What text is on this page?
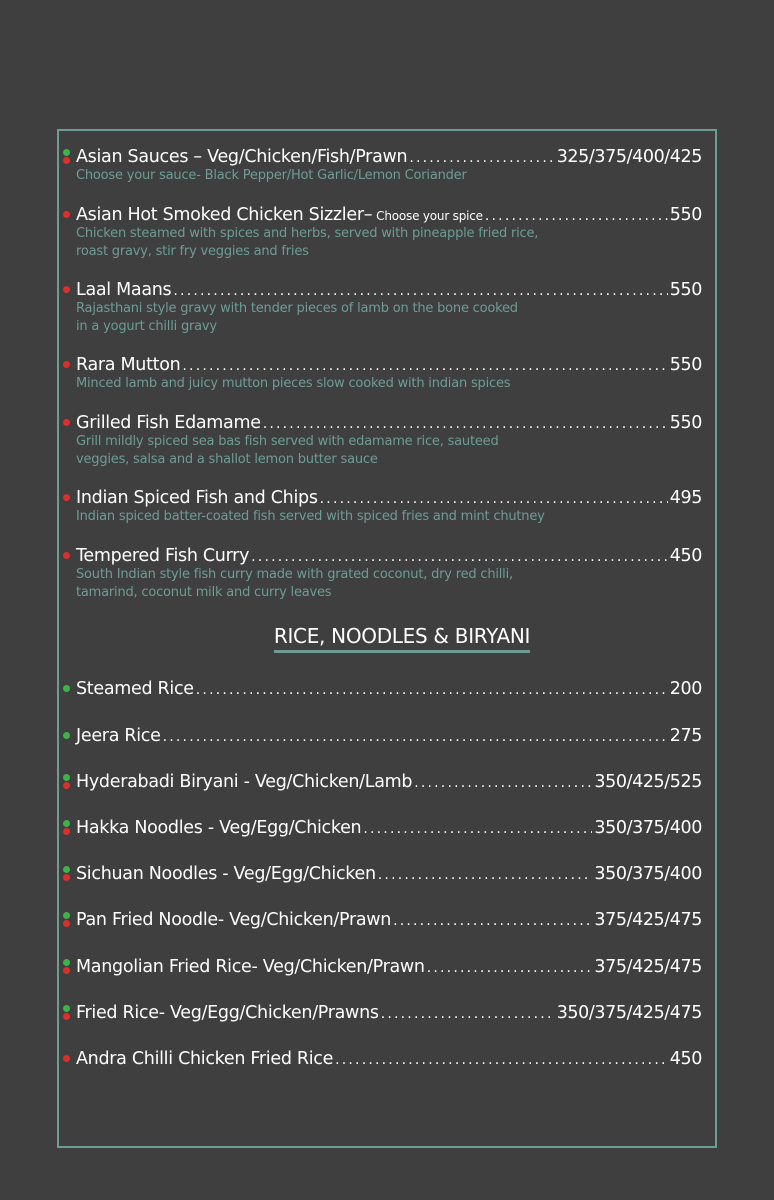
Asian Sauces – Veg/Chicken/Fish/Prawn .....	325/375/400/425
Choose your sauce- Black Pepper/Hot Garlic/Lemon Coriander
Asian Hot Smoked Chicken Sizzler– Choose your spice .....	550
Chicken steamed with spices and herbs, served with pineapple fried rice,
roast gravy, stir fry veggies and fries
Laal Maans .....	550
Rajasthani style gravy with tender pieces of lamb on the bone cooked
in a yogurt chilli gravy
Rara Mutton .....	550
Minced lamb and juicy mutton pieces slow cooked with indian spices
Grilled Fish Edamame .....	550
Grill mildly spiced sea bas fish served with edamame rice, sauteed
veggies, salsa and a shallot lemon butter sauce
Indian Spiced Fish and Chips .....	495
Indian spiced batter-coated fish served with spiced fries and mint chutney
Tempered Fish Curry .....	450
South Indian style fish curry made with grated coconut, dry red chilli,
tamarind, coconut milk and curry leaves
RICE, NOODLES & BIRYANI
Steamed Rice .....	200
Jeera Rice .....	275
Hyderabadi Biryani - Veg/Chicken/Lamb .....	350/425/525
Hakka Noodles - Veg/Egg/Chicken .....	350/375/400
Sichuan Noodles - Veg/Egg/Chicken .....	350/375/400
Pan Fried Noodle- Veg/Chicken/Prawn .....	375/425/475
Mangolian Fried Rice- Veg/Chicken/Prawn .....	375/425/475
Fried Rice- Veg/Egg/Chicken/Prawns .....	350/375/425/475
Andra Chilli Chicken Fried Rice .....	450
